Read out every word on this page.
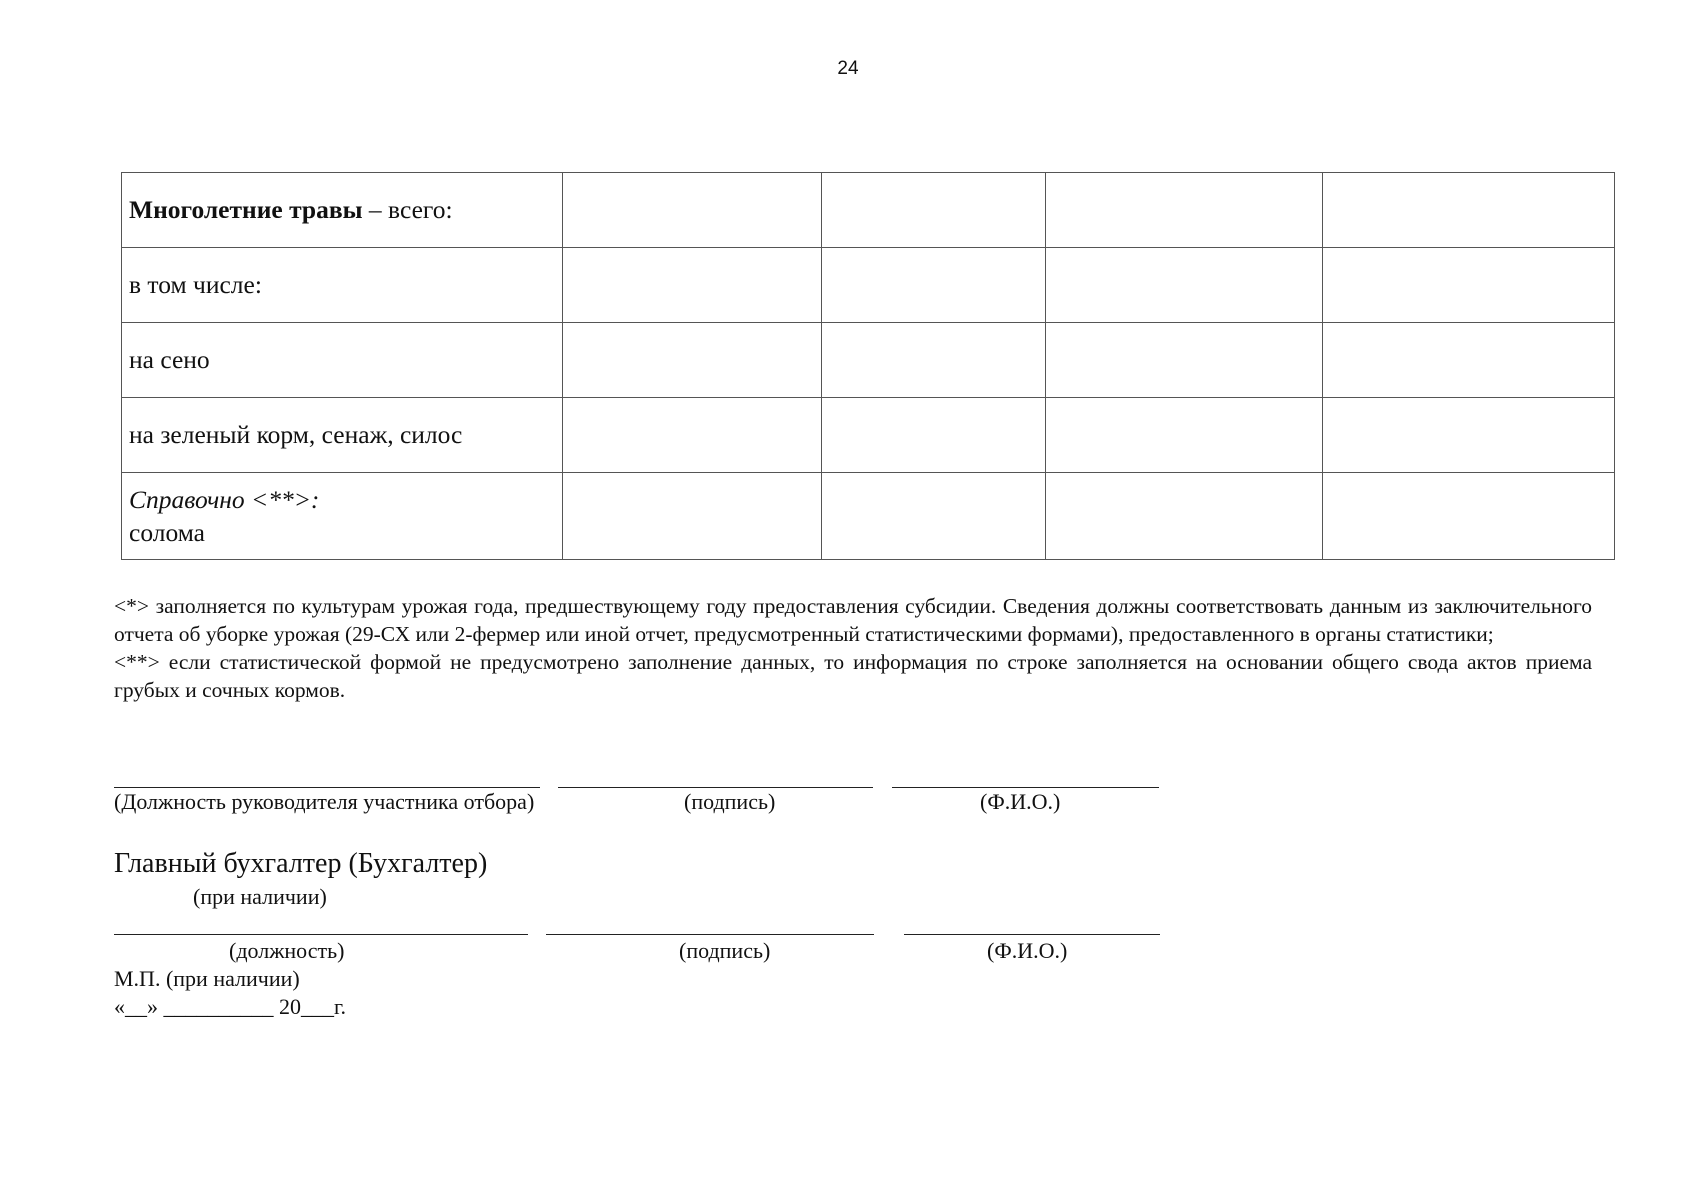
24
Многолетние травы – всего:				
в том числе:				
на сено				
на зеленый корм, сенаж, силос				
Справочно <**>:
солома				

<*> заполняется по культурам урожая года, предшествующему году предоставления субсидии. Сведения должны соответствовать данным из заключительного отчета об уборке урожая (29-СХ или 2-фермер или иной отчет, предусмотренный статистическими формами), предоставленного в органы статистики;

<**> если статистической формой не предусмотрено заполнение данных, то информация по строке заполняется на основании общего свода актов приема грубых и сочных кормов.

(Должность руководителя участника отбора)	(подпись)	(Ф.И.О.)
Главный бухгалтер (Бухгалтер)
(при наличии)
(должность)	(подпись)	(Ф.И.О.)
М.П. (при наличии)
«__» __________ 20___г.
